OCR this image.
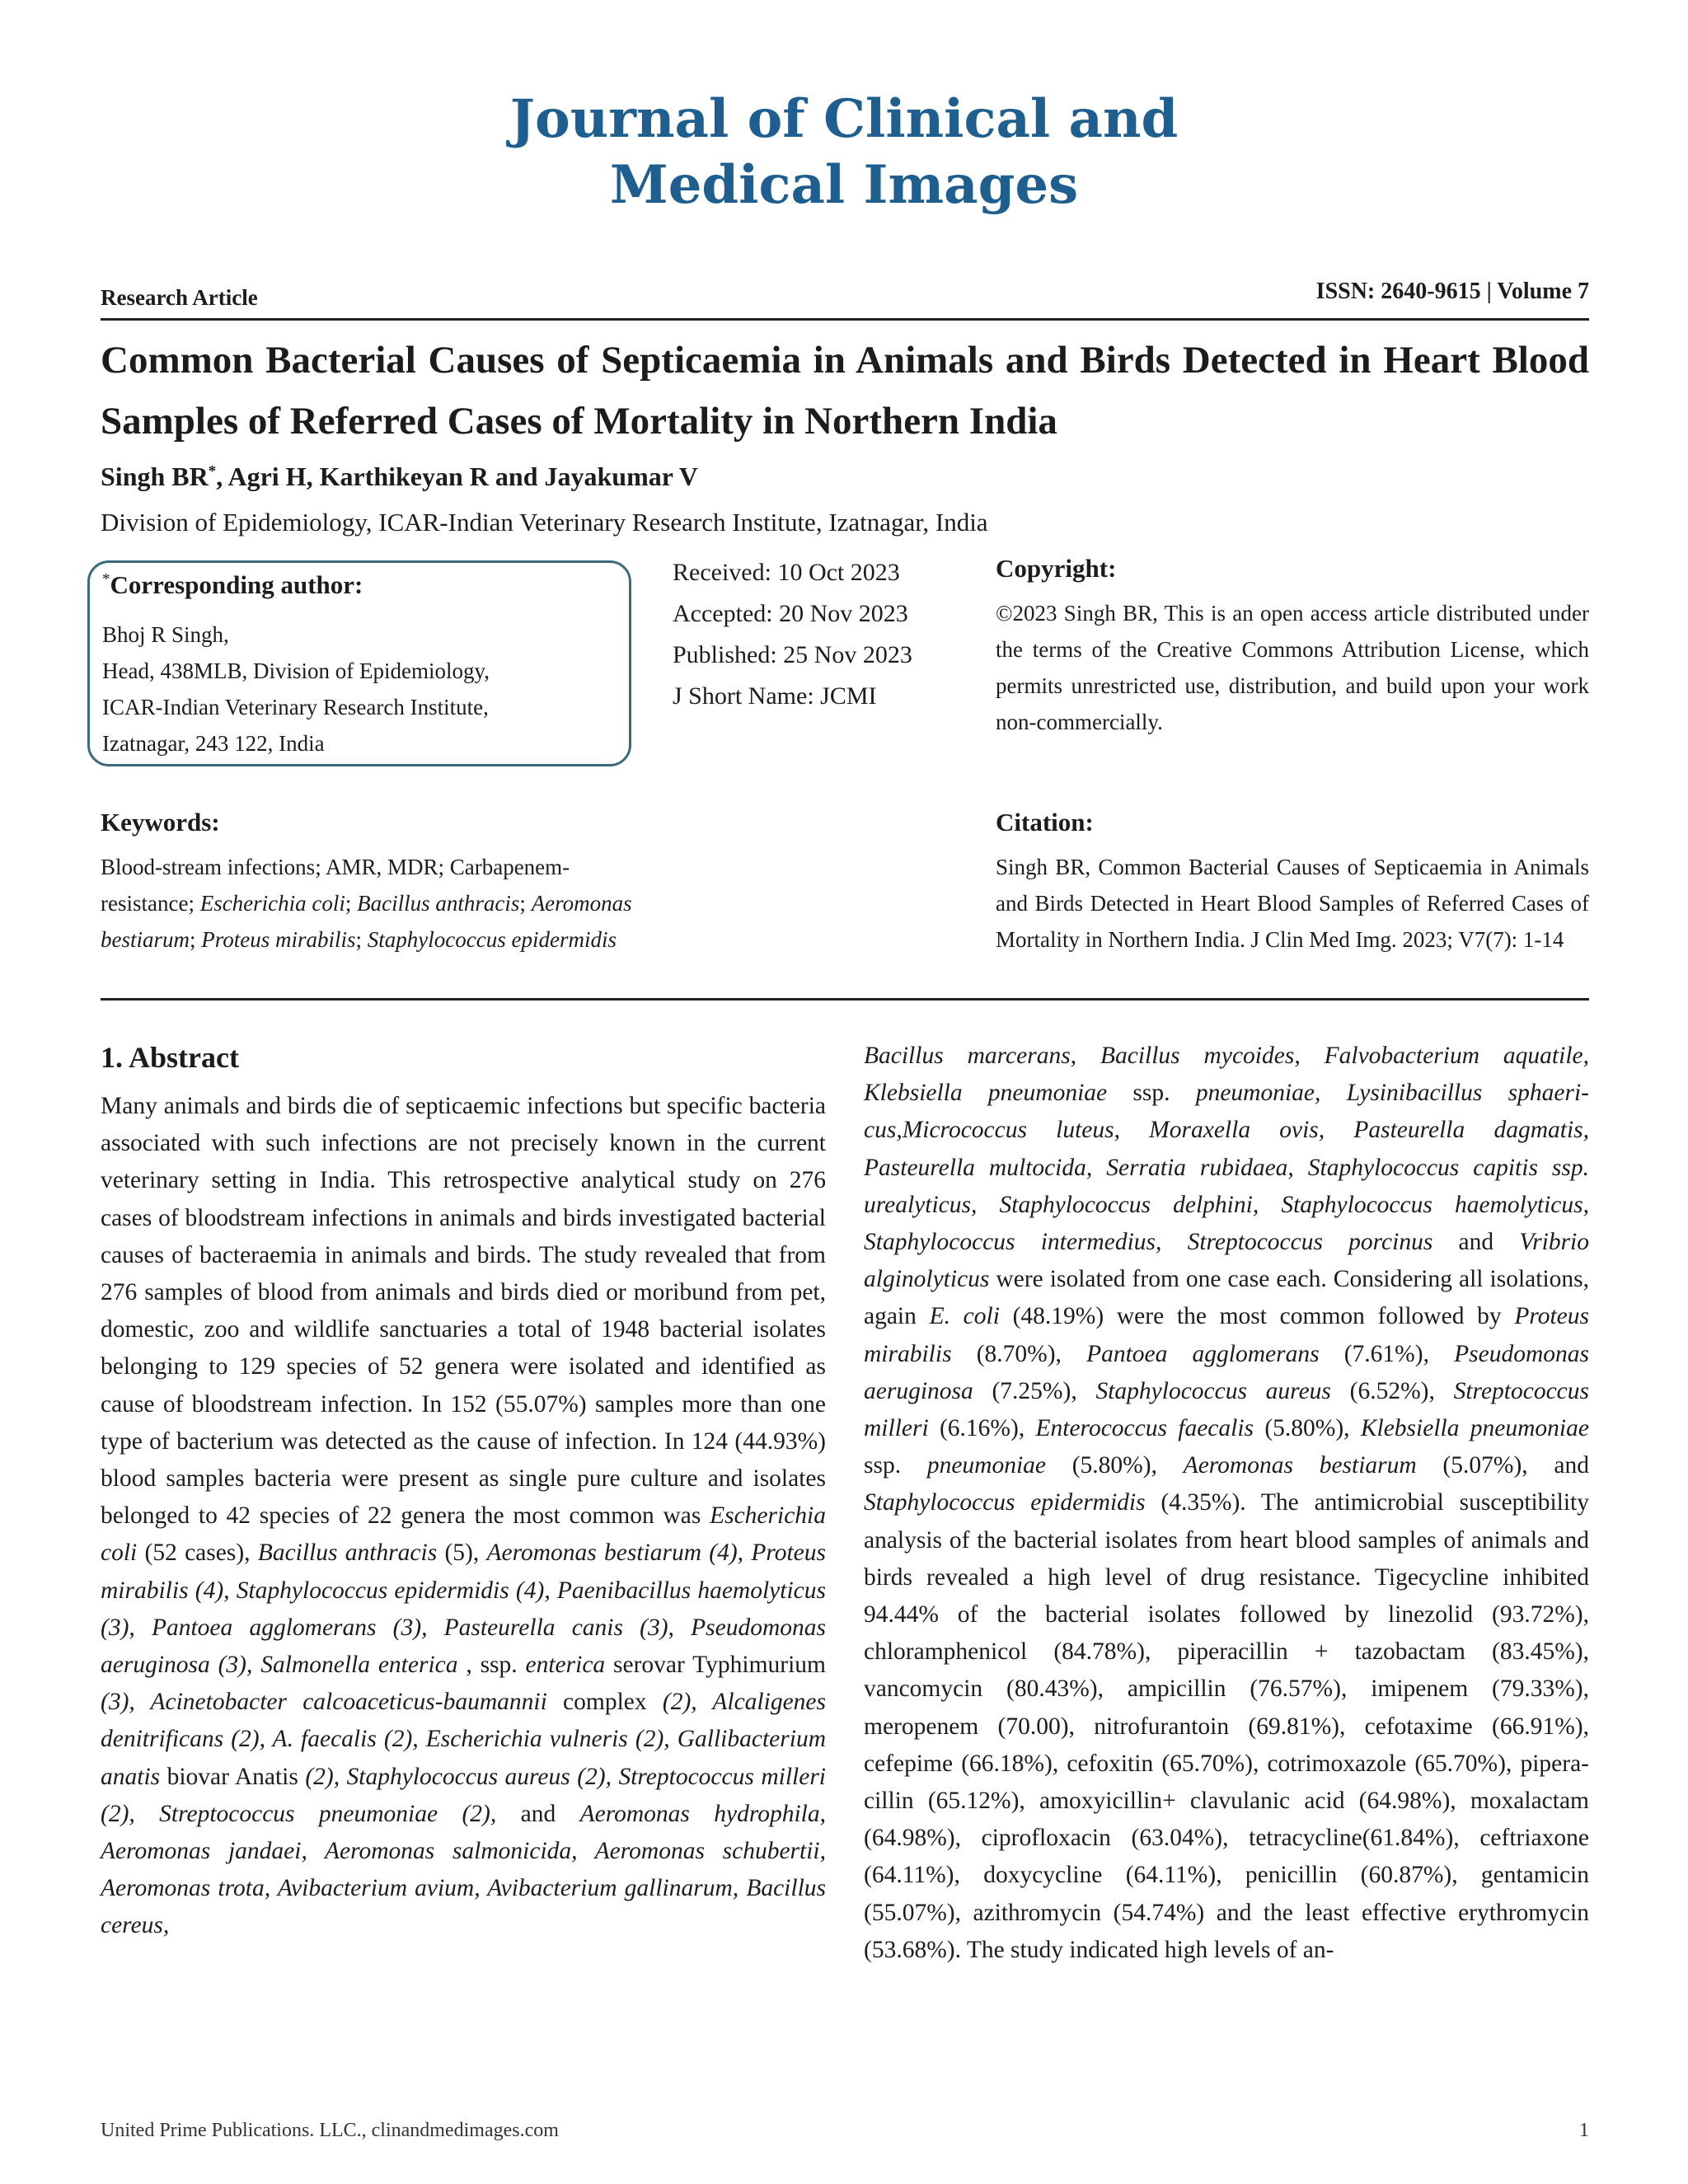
Journal of Clinical and
Medical Images
Research Article	ISSN: 2640-9615 | Volume 7
Common Bacterial Causes of Septicaemia in Animals and Birds Detected in Heart Blood Samples of Referred Cases of Mortality in Northern India
Singh BR*, Agri H, Karthikeyan R and Jayakumar V
Division of Epidemiology, ICAR-Indian Veterinary Research Institute, Izatnagar, India
*Corresponding author:
Bhoj R Singh,
Head, 438MLB, Division of Epidemiology,
ICAR-Indian Veterinary Research Institute,
Izatnagar, 243 122, India
Received: 10 Oct 2023
Accepted: 20 Nov 2023
Published: 25 Nov 2023
J Short Name: JCMI
Copyright:
©2023 Singh BR, This is an open access article distributed under the terms of the Creative Commons Attribution License, which permits unrestricted use, distribution, and build upon your work non-commercially.
Keywords:
Blood-stream infections; AMR, MDR; Carbapenem-resistance; Escherichia coli; Bacillus anthracis; Aeromonas bestiarum; Proteus mirabilis; Staphylococcus epidermidis
Citation:
Singh BR, Common Bacterial Causes of Septicaemia in Animals and Birds Detected in Heart Blood Samples of Referred Cases of Mortality in Northern India. J Clin Med Img. 2023; V7(7): 1-14
1. Abstract
Many animals and birds die of septicaemic infections but specific bacteria associated with such infections are not precisely known in the current veterinary setting in India. This retrospective analytical study on 276 cases of bloodstream infections in animals and birds investigated bacterial causes of bacteraemia in animals and birds. The study revealed that from 276 samples of blood from animals and birds died or moribund from pet, domestic, zoo and wildlife sanctuaries a total of 1948 bacterial isolates belonging to 129 species of 52 genera were isolated and identified as cause of bloodstream infection. In 152 (55.07%) samples more than one type of bacterium was detected as the cause of infection. In 124 (44.93%) blood samples bacteria were present as single pure culture and isolates belonged to 42 species of 22 genera the most common was Escherichia coli (52 cases), Bacillus anthracis (5), Aeromonas bestiarum (4), Proteus mirabilis (4), Staphylococcus epidermidis (4), Paenibacillus haemolyticus (3), Pantoea agglomerans (3), Pasteurella canis (3), Pseudomonas aeruginosa (3), Salmonella enterica , ssp. enterica serovar Typhimurium (3), Acinetobacter calcoaceticus-baumannii complex (2), Alcaligenes denitrificans (2), A. faecalis (2), Escherichia vulneris (2), Gallibacterium anatis biovar Anatis (2), Staphylococcus aureus (2), Streptococcus milleri (2), Streptococcus pneumoniae (2), and Aeromonas hydrophila, Aeromonas jandaei, Aeromonas salmonicida, Aeromonas schubertii, Aeromonas trota, Avibacterium avium, Avibacterium gallinarum, Bacillus cereus,
Bacillus marcerans, Bacillus mycoides, Falvobacterium aquatile, Klebsiella pneumoniae ssp. pneumoniae, Lysinibacillus sphaericus,Micrococcus luteus, Moraxella ovis, Pasteurella dagmatis, Pasteurella multocida, Serratia rubidaea, Staphylococcus capitis ssp. urealyticus, Staphylococcus delphini, Staphylococcus haemolyticus, Staphylococcus intermedius, Streptococcus porcinus and Vribrio alginolyticus were isolated from one case each. Considering all isolations, again E. coli (48.19%) were the most common followed by Proteus mirabilis (8.70%), Pantoea agglomerans (7.61%), Pseudomonas aeruginosa (7.25%), Staphylococcus aureus (6.52%), Streptococcus milleri (6.16%), Enterococcus faecalis (5.80%), Klebsiella pneumoniae ssp. pneumoniae (5.80%), Aeromonas bestiarum (5.07%), and Staphylococcus epidermidis (4.35%). The antimicrobial susceptibility analysis of the bacterial isolates from heart blood samples of animals and birds revealed a high level of drug resistance. Tigecycline inhibited 94.44% of the bacterial isolates followed by linezolid (93.72%), chloramphenicol (84.78%), piperacillin + tazobactam (83.45%), vancomycin (80.43%), ampicillin (76.57%), imipenem (79.33%), meropenem (70.00), nitrofurantoin (69.81%), cefotaxime (66.91%), cefepime (66.18%), cefoxitin (65.70%), cotrimoxazole (65.70%), piperacillin (65.12%), amoxyicillin+ clavulanic acid (64.98%), moxalactam (64.98%), ciprofloxacin (63.04%), tetracycline(61.84%), ceftriaxone (64.11%), doxycycline (64.11%), penicillin (60.87%), gentamicin (55.07%), azithromycin (54.74%) and the least effective erythromycin (53.68%). The study indicated high levels of an-
United Prime Publications. LLC., clinandmedimages.com	1
